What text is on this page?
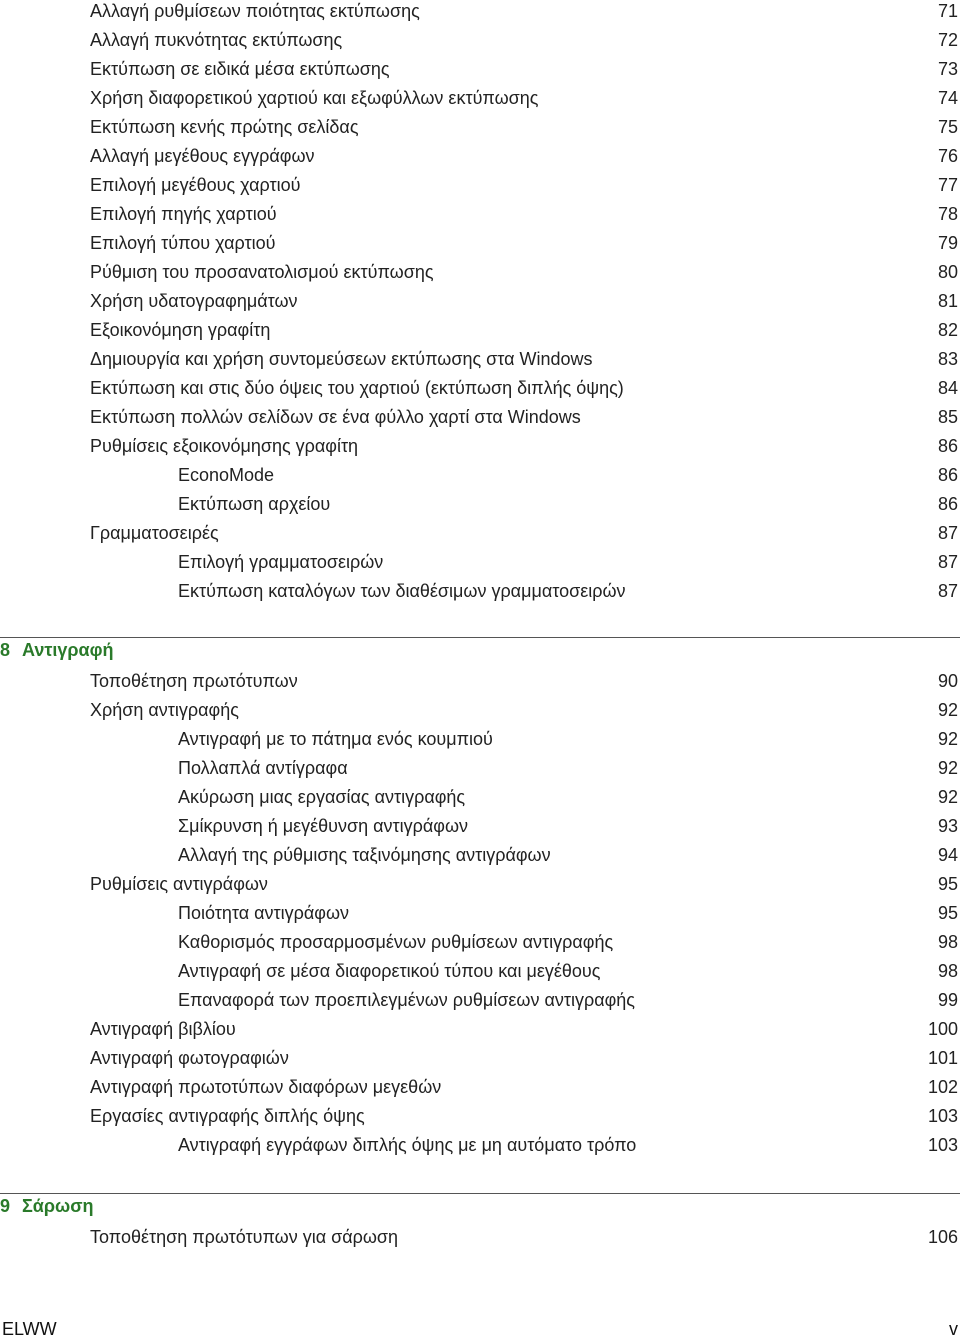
Αλλαγή ρυθμίσεων ποιότητας εκτύπωσης	71
Αλλαγή πυκνότητας εκτύπωσης	72
Εκτύπωση σε ειδικά μέσα εκτύπωσης	73
Χρήση διαφορετικού χαρτιού και εξωφύλλων εκτύπωσης	74
Εκτύπωση κενής πρώτης σελίδας	75
Αλλαγή μεγέθους εγγράφων	76
Επιλογή μεγέθους χαρτιού	77
Επιλογή πηγής χαρτιού	78
Επιλογή τύπου χαρτιού	79
Ρύθμιση του προσανατολισμού εκτύπωσης	80
Χρήση υδατογραφημάτων	81
Εξοικονόμηση γραφίτη	82
Δημιουργία και χρήση συντομεύσεων εκτύπωσης στα Windows	83
Εκτύπωση και στις δύο όψεις του χαρτιού (εκτύπωση διπλής όψης)	84
Εκτύπωση πολλών σελίδων σε ένα φύλλο χαρτί στα Windows	85
Ρυθμίσεις εξοικονόμησης γραφίτη	86
EconoMode	86
Εκτύπωση αρχείου	86
Γραμματοσειρές	87
Επιλογή γραμματοσειρών	87
Εκτύπωση καταλόγων των διαθέσιμων γραμματοσειρών	87
8 Αντιγραφή
Τοποθέτηση πρωτότυπων	90
Χρήση αντιγραφής	92
Αντιγραφή με το πάτημα ενός κουμπιού	92
Πολλαπλά αντίγραφα	92
Ακύρωση μιας εργασίας αντιγραφής	92
Σμίκρυνση ή μεγέθυνση αντιγράφων	93
Αλλαγή της ρύθμισης ταξινόμησης αντιγράφων	94
Ρυθμίσεις αντιγράφων	95
Ποιότητα αντιγράφων	95
Καθορισμός προσαρμοσμένων ρυθμίσεων αντιγραφής	98
Αντιγραφή σε μέσα διαφορετικού τύπου και μεγέθους	98
Επαναφορά των προεπιλεγμένων ρυθμίσεων αντιγραφής	99
Αντιγραφή βιβλίου	100
Αντιγραφή φωτογραφιών	101
Αντιγραφή πρωτοτύπων διαφόρων μεγεθών	102
Εργασίες αντιγραφής διπλής όψης	103
Αντιγραφή εγγράφων διπλής όψης με μη αυτόματο τρόπο	103
9 Σάρωση
Τοποθέτηση πρωτότυπων για σάρωση	106
ELWW	v
